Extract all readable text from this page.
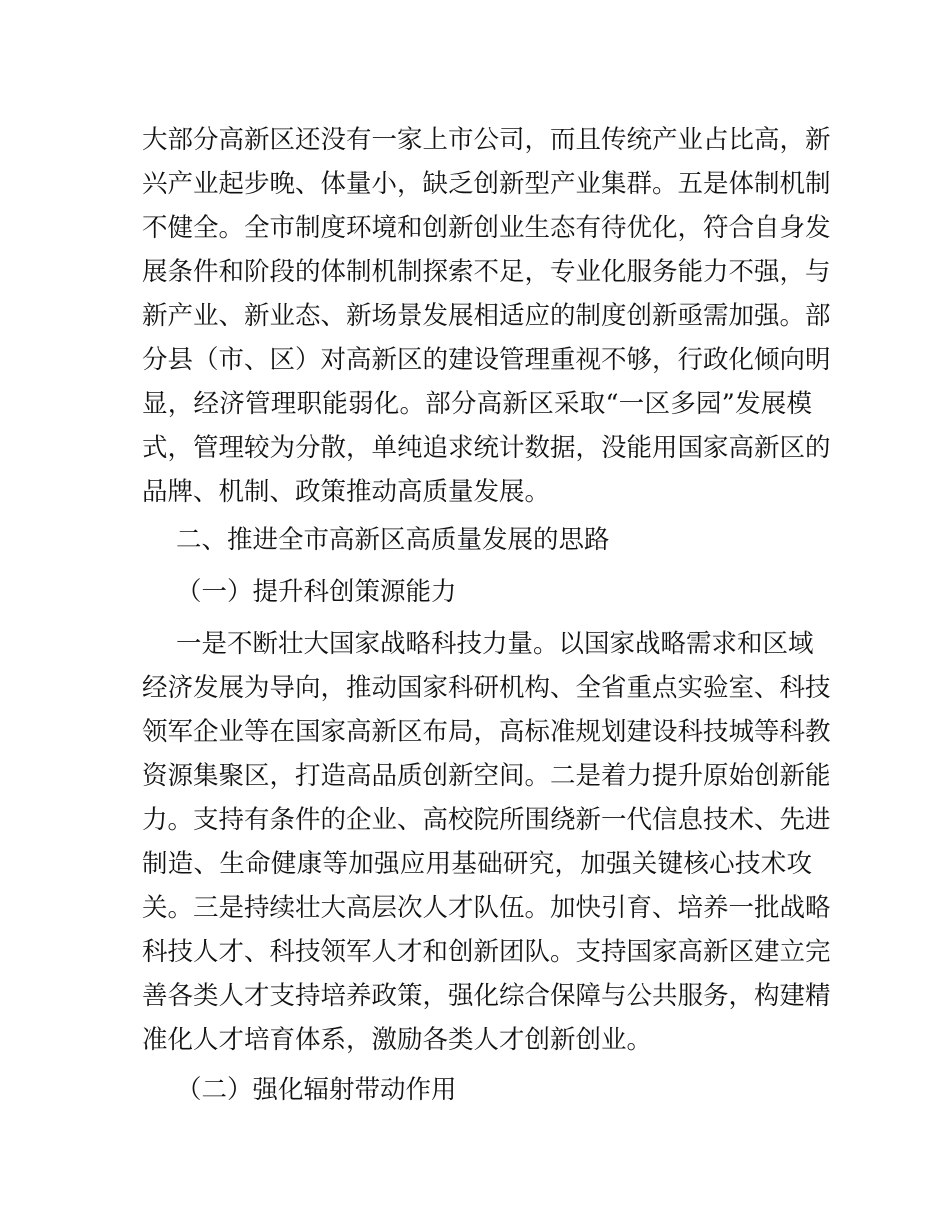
大部分高新区还没有一家上市公司，而且传统产业占比高，新
兴产业起步晚、体量小，缺乏创新型产业集群。五是体制机制
不健全。全市制度环境和创新创业生态有待优化，符合自身发
展条件和阶段的体制机制探索不足，专业化服务能力不强，与
新产业、新业态、新场景发展相适应的制度创新亟需加强。部
分县（市、区）对高新区的建设管理重视不够，行政化倾向明
显，经济管理职能弱化。部分高新区采取“一区多园”发展模
式，管理较为分散，单纯追求统计数据，没能用国家高新区的
品牌、机制、政策推动高质量发展。
二、推进全市高新区高质量发展的思路
（一）提升科创策源能力
一是不断壮大国家战略科技力量。以国家战略需求和区域
经济发展为导向，推动国家科研机构、全省重点实验室、科技
领军企业等在国家高新区布局，高标准规划建设科技城等科教
资源集聚区，打造高品质创新空间。二是着力提升原始创新能
力。支持有条件的企业、高校院所围绕新一代信息技术、先进
制造、生命健康等加强应用基础研究，加强关键核心技术攻
关。三是持续壮大高层次人才队伍。加快引育、培养一批战略
科技人才、科技领军人才和创新团队。支持国家高新区建立完
善各类人才支持培养政策，强化综合保障与公共服务，构建精
准化人才培育体系，激励各类人才创新创业。
（二）强化辐射带动作用
